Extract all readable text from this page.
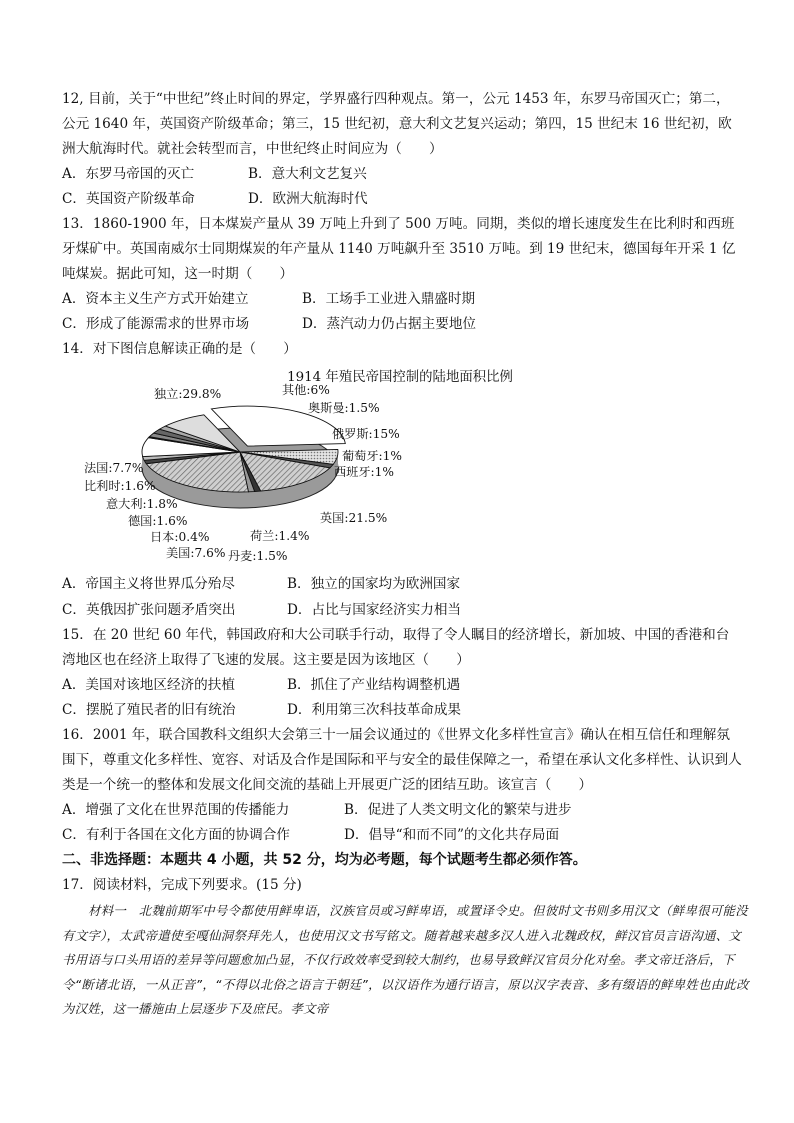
12, 目前，关于“中世纪”终止时间的界定，学界盛行四种观点。第一，公元 1453 年，东罗马帝国灭亡；第二，公元 1640 年，英国资产阶级革命；第三，15 世纪初，意大利文艺复兴运动；第四，15 世纪末 16 世纪初，欧洲大航海时代。就社会转型而言，中世纪终止时间应为（　　）

A．东罗马帝国的灭亡	B．意大利文艺复兴
C．英国资产阶级革命	D．欧洲大航海时代

13．1860-1900 年，日本煤炭产量从 39 万吨上升到了 500 万吨。同期，类似的增长速度发生在比利时和西班牙煤矿中。英国南威尔士同期煤炭的年产量从 1140 万吨飙升至 3510 万吨。到 19 世纪末，德国每年开采 1 亿吨煤炭。据此可知，这一时期（　　）

A．资本主义生产方式开始建立	B．工场手工业进入鼎盛时期
C．形成了能源需求的世界市场	D．蒸汽动力仍占据主要地位

14．对下图信息解读正确的是（　　）

1914 年殖民帝国控制的陆地面积比例
独立:29.8%	其他:6%
奥斯曼:1.5%
俄罗斯:15%
葡萄牙:1%
西班牙:1%
英国:21.5%
荷兰:1.4%
丹麦:1.5%
美国:7.6%
日本:0.4%
德国:1.6%
意大利:1.8%
比利时:1.6%
法国:7.7%
A．帝国主义将世界瓜分殆尽	B．独立的国家均为欧洲国家
C．英俄因扩张问题矛盾突出	D．占比与国家经济实力相当

15．在 20 世纪 60 年代，韩国政府和大公司联手行动，取得了令人瞩目的经济增长，新加坡、中国的香港和台湾地区也在经济上取得了飞速的发展。这主要是因为该地区（　　）

A．美国对该地区经济的扶植	B．抓住了产业结构调整机遇
C．摆脱了殖民者的旧有统治	D．利用第三次科技革命成果

16．2001 年，联合国教科文组织大会第三十一届会议通过的《世界文化多样性宣言》确认在相互信任和理解氛围下，尊重文化多样性、宽容、对话及合作是国际和平与安全的最佳保障之一，希望在承认文化多样性、认识到人类是一个统一的整体和发展文化间交流的基础上开展更广泛的团结互助。该宣言（　　）

A．增强了文化在世界范围的传播能力	B．促进了人类文明文化的繁荣与进步
C．有利于各国在文化方面的协调合作	D．倡导“和而不同”的文化共存局面
二、非选择题：本题共 4 小题，共 52 分，均为必考题，每个试题考生都必须作答。

17．阅读材料，完成下列要求。(15 分)

材料一　北魏前期军中号令都使用鲜卑语，汉族官员或习鲜卑语，或置译令史。但彼时文书则多用汉文（鲜卑很可能没有文字），太武帝遣使至嘎仙洞祭拜先人，也使用汉文书写铭文。随着越来越多汉人进入北魏政权，鲜汉官员言语沟通、文书用语与口头用语的差异等问题愈加凸显，不仅行政效率受到较大制约，也易导致鲜汉官员分化对垒。孝文帝迁洛后，下令“断诸北语，一从正音”，“不得以北俗之语言于朝廷”，以汉语作为通行语言，原以汉字表音、多有缀语的鲜卑姓也由此改为汉姓，这一播施由上层逐步下及庶民。孝文帝
